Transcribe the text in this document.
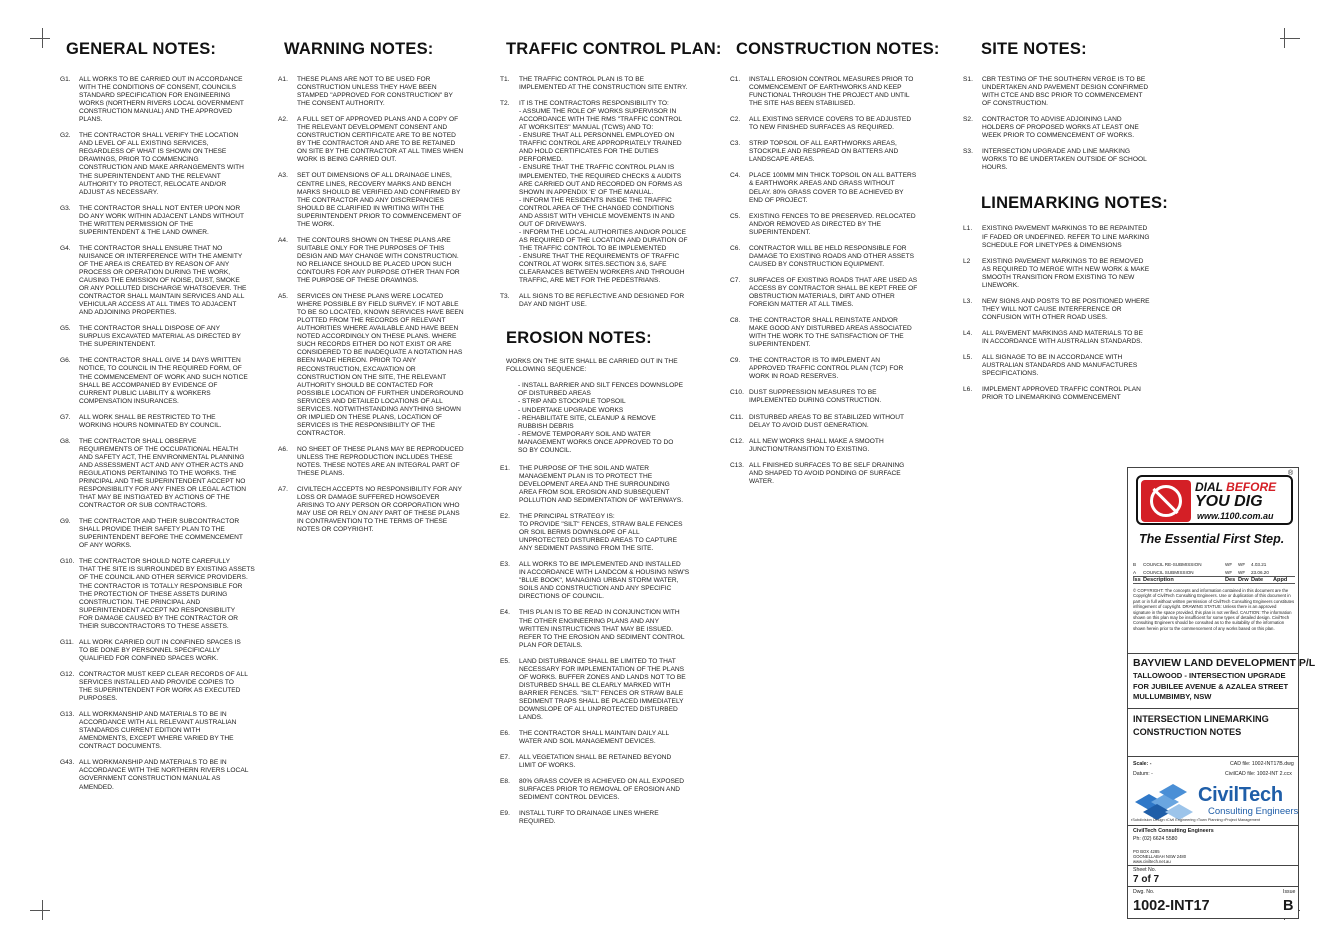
GENERAL NOTES:
G1.	ALL WORKS TO BE CARRIED OUT IN ACCORDANCE
WITH THE CONDITIONS OF CONSENT, COUNCILS
STANDARD SPECIFICATION FOR ENGINEERING
WORKS (NORTHERN RIVERS LOCAL GOVERNMENT
CONSTRUCTION MANUAL) AND THE APPROVED
PLANS.
G2.	THE CONTRACTOR SHALL VERIFY THE LOCATION
AND LEVEL OF ALL EXISTING SERVICES,
REGARDLESS OF WHAT IS SHOWN ON THESE
DRAWINGS, PRIOR TO COMMENCING
CONSTRUCTION AND MAKE ARRANGEMENTS WITH
THE SUPERINTENDENT AND THE RELEVANT
AUTHORITY TO PROTECT, RELOCATE AND/OR
ADJUST AS NECESSARY.
G3.	THE CONTRACTOR SHALL NOT ENTER UPON NOR
DO ANY WORK WITHIN ADJACENT LANDS WITHOUT
THE WRITTEN PERMISSION OF THE
SUPERINTENDENT & THE LAND OWNER.
G4.	THE CONTRACTOR SHALL ENSURE THAT NO
NUISANCE OR INTERFERENCE WITH THE AMENITY
OF THE AREA IS CREATED BY REASON OF ANY
PROCESS OR OPERATION DURING THE WORK,
CAUSING THE EMISSION OF NOISE, DUST, SMOKE
OR ANY POLLUTED DISCHARGE WHATSOEVER. THE
CONTRACTOR SHALL MAINTAIN SERVICES AND ALL
VEHICULAR ACCESS AT ALL TIMES TO ADJACENT
AND ADJOINING PROPERTIES.
G5.	THE CONTRACTOR SHALL DISPOSE OF ANY
SURPLUS EXCAVATED MATERIAL AS DIRECTED BY
THE SUPERINTENDENT.
G6.	THE CONTRACTOR SHALL GIVE 14 DAYS WRITTEN
NOTICE, TO COUNCIL IN THE REQUIRED FORM, OF
THE COMMENCEMENT OF WORK AND SUCH NOTICE
SHALL BE ACCOMPANIED BY EVIDENCE OF
CURRENT PUBLIC LIABILITY & WORKERS
COMPENSATION INSURANCES.
G7.	ALL WORK SHALL BE RESTRICTED TO THE
WORKING HOURS NOMINATED BY COUNCIL.
G8.	THE CONTRACTOR SHALL OBSERVE
REQUIREMENTS OF THE OCCUPATIONAL HEALTH
AND SAFETY ACT, THE ENVIRONMENTAL PLANNING
AND ASSESSMENT ACT AND ANY OTHER ACTS AND
REGULATIONS PERTAINING TO THE WORKS. THE
PRINCIPAL AND THE SUPERINTENDENT ACCEPT NO
RESPONSIBILITY FOR ANY FINES OR LEGAL ACTION
THAT MAY BE INSTIGATED BY ACTIONS OF THE
CONTRACTOR OR SUB CONTRACTORS.
G9.	THE CONTRACTOR AND THEIR SUBCONTRACTOR
SHALL PROVIDE THEIR SAFETY PLAN TO THE
SUPERINTENDENT BEFORE THE COMMENCEMENT
OF ANY WORKS.
G10. THE CONTRACTOR SHOULD NOTE CAREFULLY
THAT THE SITE IS SURROUNDED BY EXISTING ASSETS
OF THE COUNCIL AND OTHER SERVICE PROVIDERS.
THE CONTRACTOR IS TOTALLY RESPONSIBLE FOR
THE PROTECTION OF THESE ASSETS DURING
CONSTRUCTION. THE PRINCIPAL AND
SUPERINTENDENT ACCEPT NO RESPONSIBILITY
FOR DAMAGE CAUSED BY THE CONTRACTOR OR
THEIR SUBCONTRACTORS TO THESE ASSETS.
G11. ALL WORK CARRIED OUT IN CONFINED SPACES IS
TO BE DONE BY PERSONNEL SPECIFICALLY
QUALIFIED FOR CONFINED SPACES WORK.
G12. CONTRACTOR MUST KEEP CLEAR RECORDS OF ALL
SERVICES INSTALLED AND PROVIDE COPIES TO
THE SUPERINTENDENT FOR WORK AS EXECUTED
PURPOSES.
G13. ALL WORKMANSHIP AND MATERIALS TO BE IN
ACCORDANCE WITH ALL RELEVANT AUSTRALIAN
STANDARDS CURRENT EDITION WITH
AMENDMENTS, EXCEPT WHERE VARIED BY THE
CONTRACT DOCUMENTS.
G43. ALL WORKMANSHIP AND MATERIALS TO BE IN
ACCORDANCE WITH THE NORTHERN RIVERS LOCAL
GOVERNMENT CONSTRUCTION MANUAL AS
AMENDED.
WARNING NOTES:
A1.	THESE PLANS ARE NOT TO BE USED FOR
CONSTRUCTION UNLESS THEY HAVE BEEN
STAMPED "APPROVED FOR CONSTRUCTION" BY
THE CONSENT AUTHORITY.
A2.	A FULL SET OF APPROVED PLANS AND A COPY OF
THE RELEVANT DEVELOPMENT CONSENT AND
CONSTRUCTION CERTIFICATE ARE TO BE NOTED
BY THE CONTRACTOR AND ARE TO BE RETAINED
ON SITE BY THE CONTRACTOR AT ALL TIMES WHEN
WORK IS BEING CARRIED OUT.
A3.	SET OUT DIMENSIONS OF ALL DRAINAGE LINES,
CENTRE LINES, RECOVERY MARKS AND BENCH
MARKS SHOULD BE VERIFIED AND CONFIRMED BY
THE CONTRACTOR AND ANY DISCREPANCIES
SHOULD BE CLARIFIED IN WRITING WITH THE
SUPERINTENDENT PRIOR TO COMMENCEMENT OF
THE WORK.
A4.	THE CONTOURS SHOWN ON THESE PLANS ARE
SUITABLE ONLY FOR THE PURPOSES OF THIS
DESIGN AND MAY CHANGE WITH CONSTRUCTION.
NO RELIANCE SHOULD BE PLACED UPON SUCH
CONTOURS FOR ANY PURPOSE OTHER THAN FOR
THE PURPOSE OF THESE DRAWINGS.
A5.	SERVICES ON THESE PLANS WERE LOCATED
WHERE POSSIBLE BY FIELD SURVEY. IF NOT ABLE
TO BE SO LOCATED, KNOWN SERVICES HAVE BEEN
PLOTTED FROM THE RECORDS OF RELEVANT
AUTHORITIES WHERE AVAILABLE AND HAVE BEEN
NOTED ACCORDINGLY ON THESE PLANS. WHERE
SUCH RECORDS EITHER DO NOT EXIST OR ARE
CONSIDERED TO BE INADEQUATE A NOTATION HAS
BEEN MADE HEREON. PRIOR TO ANY
RECONSTRUCTION, EXCAVATION OR
CONSTRUCTION ON THE SITE, THE RELEVANT
AUTHORITY SHOULD BE CONTACTED FOR
POSSIBLE LOCATION OF FURTHER UNDERGROUND
SERVICES AND DETAILED LOCATIONS OF ALL
SERVICES. NOTWITHSTANDING ANYTHING SHOWN
OR IMPLIED ON THESE PLANS, LOCATION OF
SERVICES IS THE RESPONSIBILITY OF THE
CONTRACTOR.
A6.	NO SHEET OF THESE PLANS MAY BE REPRODUCED
UNLESS THE REPRODUCTION INCLUDES THESE
NOTES. THESE NOTES ARE AN INTEGRAL PART OF
THESE PLANS.
A7.	CIVILTECH ACCEPTS NO RESPONSIBILITY FOR ANY
LOSS OR DAMAGE SUFFERED HOWSOEVER
ARISING TO ANY PERSON OR CORPORATION WHO
MAY USE OR RELY ON ANY PART OF THESE PLANS
IN CONTRAVENTION TO THE TERMS OF THESE
NOTES OR COPYRIGHT.
TRAFFIC CONTROL PLAN:
T1.	THE TRAFFIC CONTROL PLAN IS TO BE
IMPLEMENTED AT THE CONSTRUCTION SITE ENTRY.
T2.	IT IS THE CONTRACTORS RESPONSIBILITY TO:
- ASSUME THE ROLE OF WORKS SUPERVISOR IN
ACCORDANCE WITH THE RMS "TRAFFIC CONTROL
AT WORKSITES" MANUAL (TCWS) AND TO:
- ENSURE THAT ALL PERSONNEL EMPLOYED ON
TRAFFIC CONTROL ARE APPROPRIATELY TRAINED
AND HOLD CERTIFICATES FOR THE DUTIES
PERFORMED.
- ENSURE THAT THE TRAFFIC CONTROL PLAN IS
IMPLEMENTED, THE REQUIRED CHECKS & AUDITS
ARE CARRIED OUT AND RECORDED ON FORMS AS
SHOWN IN APPENDIX 'E' OF THE MANUAL.
- INFORM THE RESIDENTS INSIDE THE TRAFFIC
CONTROL AREA OF THE CHANGED CONDITIONS
AND ASSIST WITH VEHICLE MOVEMENTS IN AND
OUT OF DRIVEWAYS.
- INFORM THE LOCAL AUTHORITIES AND/OR POLICE
AS REQUIRED OF THE LOCATION AND DURATION OF
THE TRAFFIC CONTROL TO BE IMPLEMENTED
- ENSURE THAT THE REQUIREMENTS OF TRAFFIC
CONTROL AT WORK SITES.SECTION 3.6, SAFE
CLEARANCES BETWEEN WORKERS AND THROUGH
TRAFFIC, ARE MET FOR THE PEDESTRIANS.
T3.	ALL SIGNS TO BE REFLECTIVE AND DESIGNED FOR
DAY AND NIGHT USE.
EROSION NOTES:
WORKS ON THE SITE SHALL BE CARRIED OUT IN THE
FOLLOWING SEQUENCE:
- INSTALL BARRIER AND SILT FENCES DOWNSLOPE
OF DISTURBED AREAS
- STRIP AND STOCKPILE TOPSOIL
- UNDERTAKE UPGRADE WORKS
- REHABILITATE SITE, CLEANUP & REMOVE
RUBBISH DEBRIS
- REMOVE TEMPORARY SOIL AND WATER
MANAGEMENT WORKS ONCE APPROVED TO DO
SO BY COUNCIL.
E1.	THE PURPOSE OF THE SOIL AND WATER
MANAGEMENT PLAN IS TO PROTECT THE
DEVELOPMENT AREA AND THE SURROUNDING
AREA FROM SOIL EROSION AND SUBSEQUENT
POLLUTION AND SEDIMENTATION OF WATERWAYS.
E2.	THE PRINCIPAL STRATEGY IS:
TO PROVIDE "SILT" FENCES, STRAW BALE FENCES
OR SOIL BERMS DOWNSLOPE OF ALL
UNPROTECTED DISTURBED AREAS TO CAPTURE
ANY SEDIMENT PASSING FROM THE SITE.
E3.	ALL WORKS TO BE IMPLEMENTED AND INSTALLED
IN ACCORDANCE WITH LANDCOM & HOUSING NSW'S
"BLUE BOOK", MANAGING URBAN STORM WATER,
SOILS AND CONSTRUCTION AND ANY SPECIFIC
DIRECTIONS OF COUNCIL.
E4.	THIS PLAN IS TO BE READ IN CONJUNCTION WITH
THE OTHER ENGINEERING PLANS AND ANY
WRITTEN INSTRUCTIONS THAT MAY BE ISSUED.
REFER TO THE EROSION AND SEDIMENT CONTROL
PLAN FOR DETAILS.
E5.	LAND DISTURBANCE SHALL BE LIMITED TO THAT
NECESSARY FOR IMPLEMENTATION OF THE PLANS
OF WORKS. BUFFER ZONES AND LANDS NOT TO BE
DISTURBED SHALL BE CLEARLY MARKED WITH
BARRIER FENCES. "SILT" FENCES OR STRAW BALE
SEDIMENT TRAPS SHALL BE PLACED IMMEDIATELY
DOWNSLOPE OF ALL UNPROTECTED DISTURBED
LANDS.
E6.	THE CONTRACTOR SHALL MAINTAIN DAILY ALL
WATER AND SOIL MANAGEMENT DEVICES.
E7.	ALL VEGETATION SHALL BE RETAINED BEYOND
LIMIT OF WORKS.
E8.	80% GRASS COVER IS ACHIEVED ON ALL EXPOSED
SURFACES PRIOR TO REMOVAL OF EROSION AND
SEDIMENT CONTROL DEVICES.
E9.	INSTALL TURF TO DRAINAGE LINES WHERE
REQUIRED.
CONSTRUCTION NOTES:
C1.	INSTALL EROSION CONTROL MEASURES PRIOR TO
COMMENCEMENT OF EARTHWORKS AND KEEP
FUNCTIONAL THROUGH THE PROJECT AND UNTIL
THE SITE HAS BEEN STABILISED.
C2.	ALL EXISTING SERVICE COVERS TO BE ADJUSTED
TO NEW FINISHED SURFACES AS REQUIRED.
C3.	STRIP TOPSOIL OF ALL EARTHWORKS AREAS,
STOCKPILE AND RESPREAD ON BATTERS AND
LANDSCAPE AREAS.
C4.	PLACE 100MM MIN THICK TOPSOIL ON ALL BATTERS
& EARTHWORK AREAS AND GRASS WITHOUT
DELAY. 80% GRASS COVER TO BE ACHIEVED BY
END OF PROJECT.
C5.	EXISTING FENCES TO BE PRESERVED. RELOCATED
AND/OR REMOVED AS DIRECTED BY THE
SUPERINTENDENT.
C6.	CONTRACTOR WILL BE HELD RESPONSIBLE FOR
DAMAGE TO EXISTING ROADS AND OTHER ASSETS
CAUSED BY CONSTRUCTION EQUIPMENT.
C7.	SURFACES OF EXISTING ROADS THAT ARE USED AS
ACCESS BY CONTRACTOR SHALL BE KEPT FREE OF
OBSTRUCTION MATERIALS, DIRT AND OTHER
FOREIGN MATTER AT ALL TIMES.
C8.	THE CONTRACTOR SHALL REINSTATE AND/OR
MAKE GOOD ANY DISTURBED AREAS ASSOCIATED
WITH THE WORK TO THE SATISFACTION OF THE
SUPERINTENDENT.
C9.	THE CONTRACTOR IS TO IMPLEMENT AN
APPROVED TRAFFIC CONTROL PLAN (TCP) FOR
WORK IN ROAD RESERVES.
C10. DUST SUPPRESSION MEASURES TO BE
IMPLEMENTED DURING CONSTRUCTION.
C11. DISTURBED AREAS TO BE STABILIZED WITHOUT
DELAY TO AVOID DUST GENERATION.
C12. ALL NEW WORKS SHALL MAKE A SMOOTH
JUNCTION/TRANSITION TO EXISTING.
C13. ALL FINISHED SURFACES TO BE SELF DRAINING
AND SHAPED TO AVOID PONDING OF SURFACE
WATER.
SITE NOTES:
S1.	CBR TESTING OF THE SOUTHERN VERGE IS TO BE
UNDERTAKEN AND PAVEMENT DESIGN CONFIRMED
WITH CTCE AND BSC PRIOR TO COMMENCEMENT
OF CONSTRUCTION.
S2.	CONTRACTOR TO ADVISE ADJOINING LAND
HOLDERS OF PROPOSED WORKS AT LEAST ONE
WEEK PRIOR TO COMMENCEMENT OF WORKS.
S3.	INTERSECTION UPGRADE AND LINE MARKING
WORKS TO BE UNDERTAKEN OUTSIDE OF SCHOOL
HOURS.
LINEMARKING NOTES:
L1.	EXISTING PAVEMENT MARKINGS TO BE REPAINTED
IF FADED OR UNDEFINED. REFER TO LINE MARKING
SCHEDULE FOR LINETYPES & DIMENSIONS
L2	EXISTING PAVEMENT MARKINGS TO BE REMOVED
AS REQUIRED TO MERGE WITH NEW WORK & MAKE
SMOOTH TRANSITION FROM EXISTING TO NEW
LINEWORK.
L3.	NEW SIGNS AND POSTS TO BE POSITIONED WHERE
THEY WILL NOT CAUSE INTERFERENCE OR
CONFUSION WITH OTHER ROAD USES.
L4.	ALL PAVEMENT MARKINGS AND MATERIALS TO BE
IN ACCORDANCE WITH AUSTRALIAN STANDARDS.
L5.	ALL SIGNAGE TO BE IN ACCORDANCE WITH
AUSTRALIAN STANDARDS AND MANUFACTURES
SPECIFICATIONS.
L6.	IMPLEMENT APPROVED TRAFFIC CONTROL PLAN
PRIOR TO LINEMARKING COMMENCEMENT
DIAL BEFORE
YOU DIG
www.1100.com.au
®
The Essential First Step.
B	COUNCIL RE-SUBMISSION	WF	WF	4.03.21
A	COUNCIL SUBMISSION	WF	WF	23.06.20
Iss Description	Des Drw Date	Appd
© COPYRIGHT: The concepts and information contained in this document are the Copyright of CivilTech Consulting Engineers. Use or duplication of this document in part or in full without written permission of CivilTech Consulting Engineers constitutes infringement of copyright. DRAWING STATUS: Unless there is an approved signature in the space provided, this plan is not verified. CAUTION: The information shown on this plan may be insufficient for some types of detailed design. CivilTech Consulting Engineers should be consulted as to the suitability of the information shown herein prior to the commencement of any works based on this plan.
BAYVIEW LAND DEVELOPMENT P/L
TALLOWOOD - INTERSECTION UPGRADE
FOR JUBILEE AVENUE & AZALEA STREET
MULLUMBIMBY, NSW
INTERSECTION LINEMARKING
CONSTRUCTION NOTES
Scale: -	CAD file: 1002-INT17B.dwg
Datum: -	CivilCAD file: 1002-INT 2.ccx
CivilTech
Consulting Engineers
▪Subdivision Design ▪Civil Engineering ▪Town Planning ▪Project Management
CivilTech Consulting Engineers
Ph: (02) 6624 5580
PO BOX 4285
GOONELLABAH NSW 2480
www.civiltech.net.au
Sheet No.
7 of 7
Dwg. No.	Issue
1002-INT17	B
